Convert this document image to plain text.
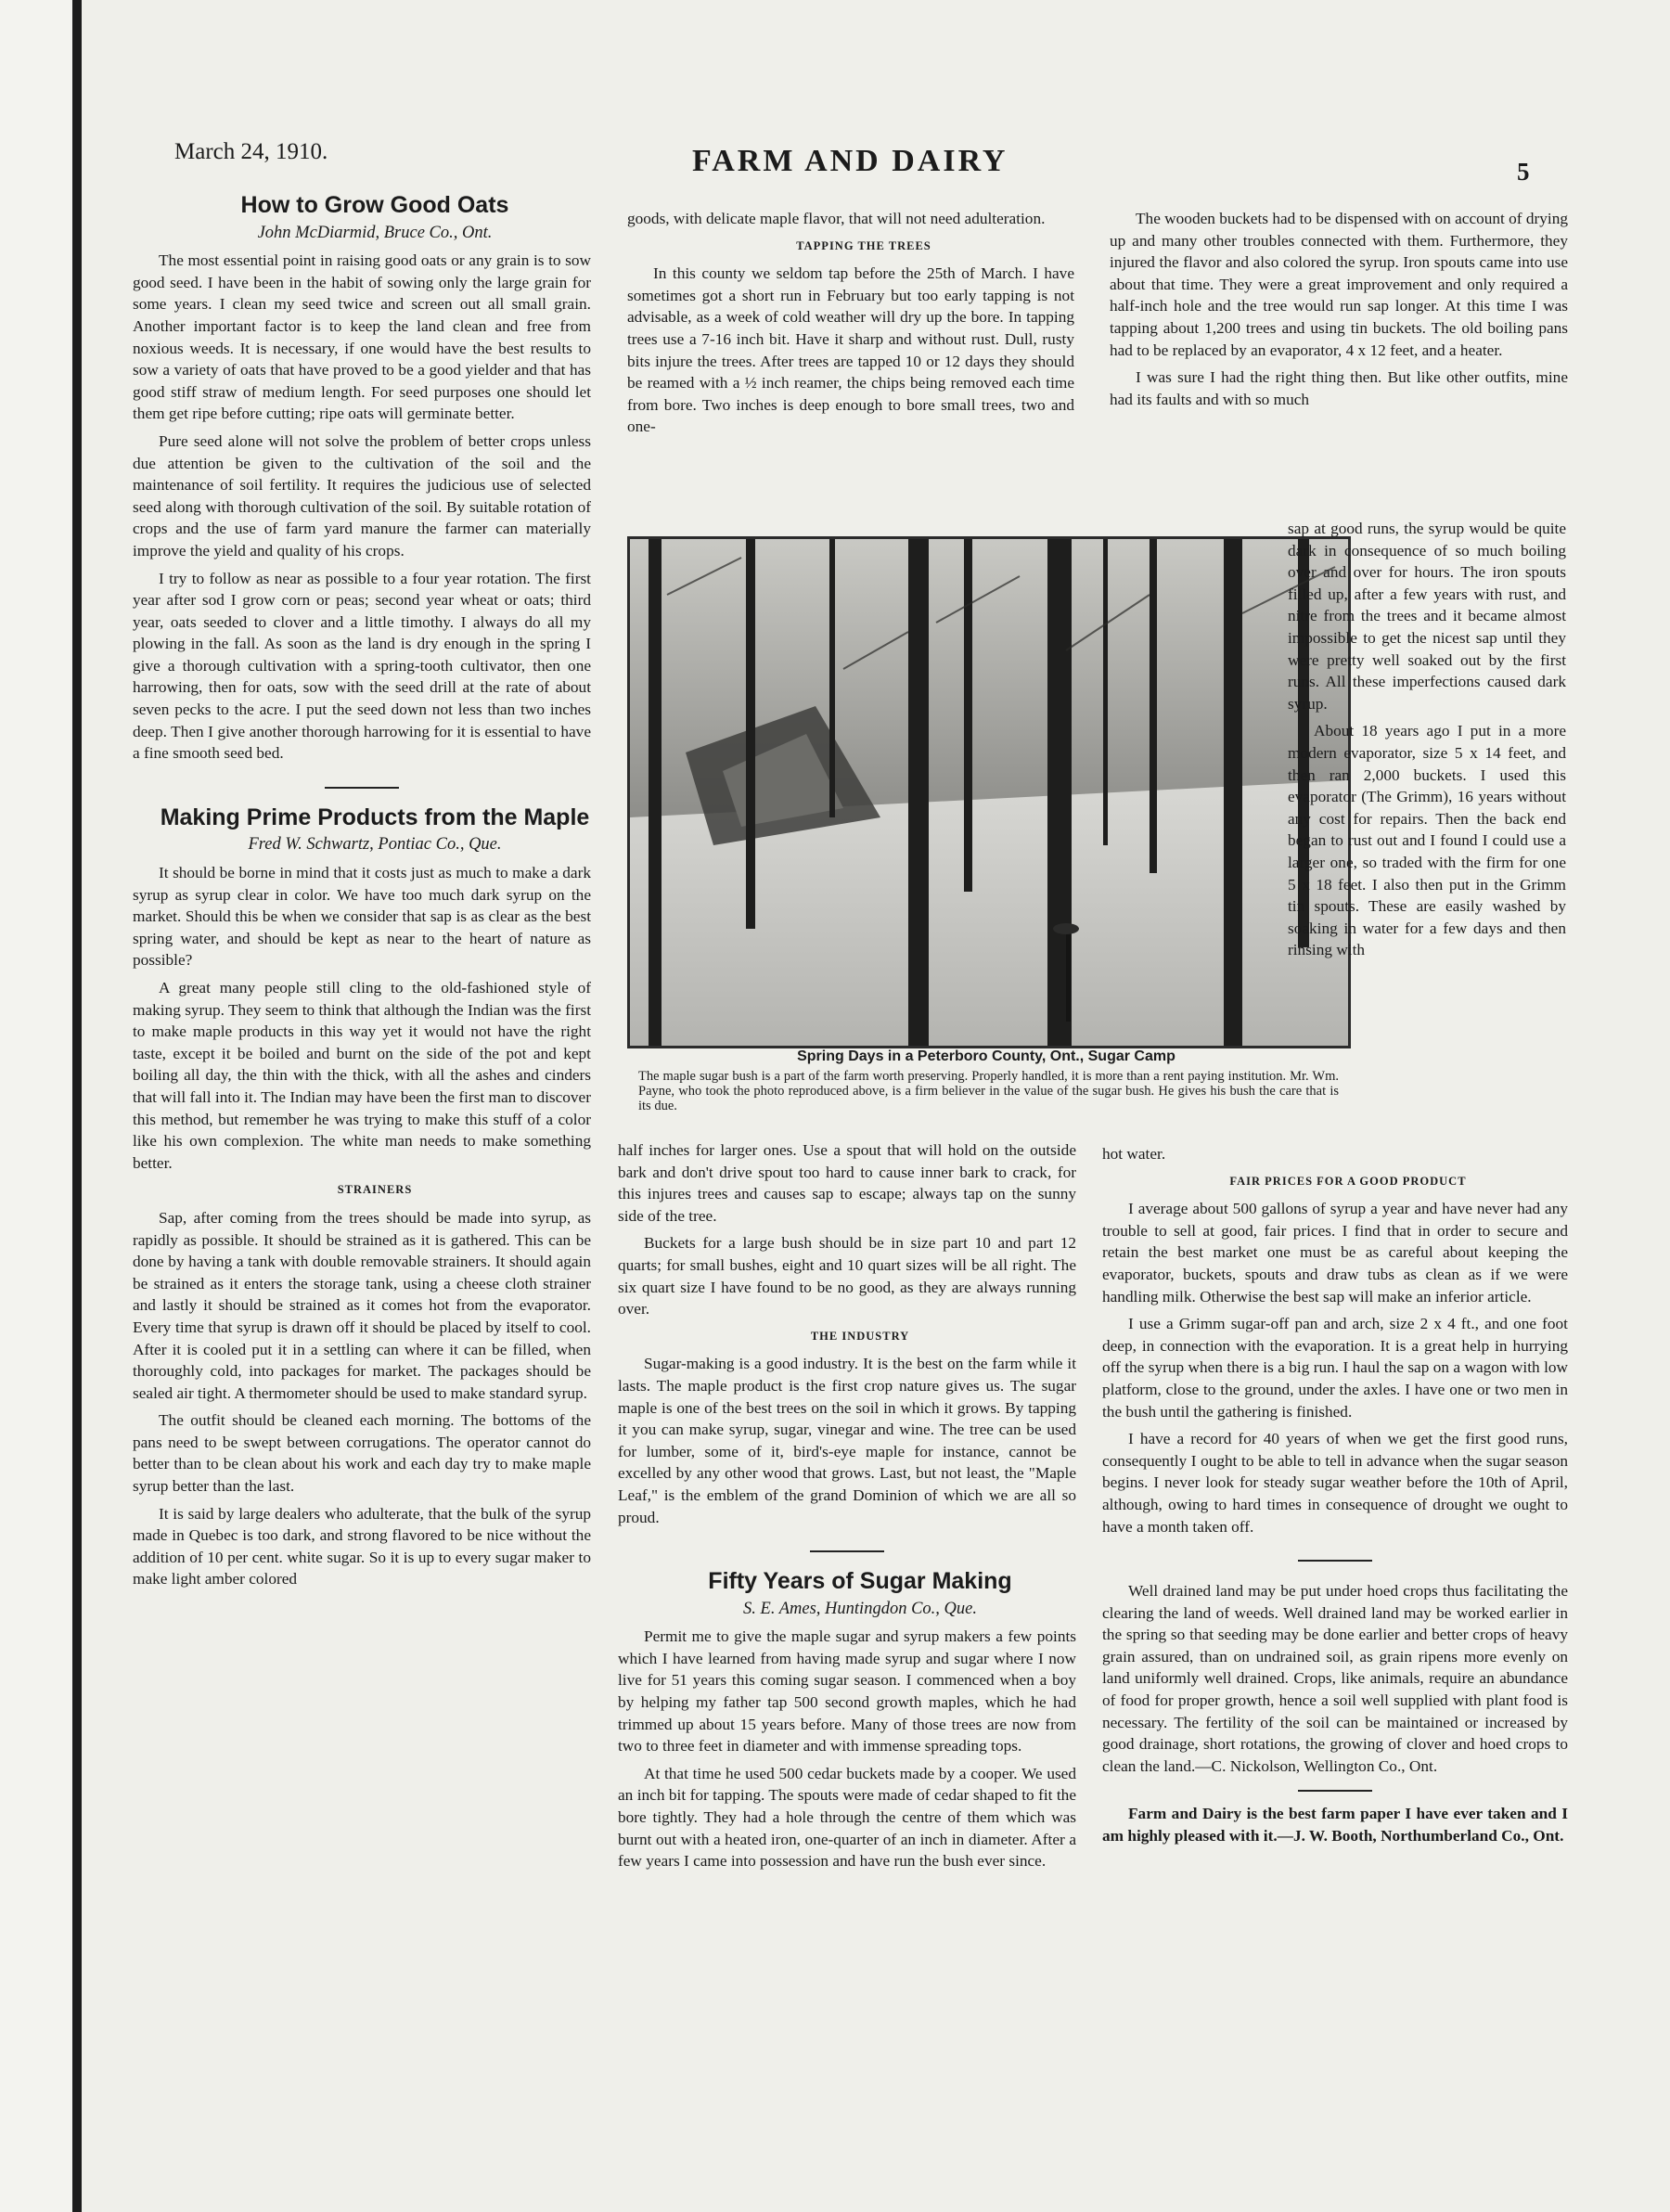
March 24, 1910.	FARM AND DAIRY	5

How to Grow Good Oats

John McDiarmid, Bruce Co., Ont.

The most essential point in raising good oats or any grain is to sow good seed. I have been in the habit of sowing only the large grain for some years. I clean my seed twice and screen out all small grain. Another important factor is to keep the land clean and free from noxious weeds. It is necessary, if one would have the best results to sow a variety of oats that have proved to be a good yielder and that has good stiff straw of medium length. For seed purposes one should let them get ripe before cutting; ripe oats will germinate better.

Pure seed alone will not solve the problem of better crops unless due attention be given to the cultivation of the soil and the maintenance of soil fertility. It requires the judicious use of selected seed along with thorough cultivation of the soil. By suitable rotation of crops and the use of farm yard manure the farmer can materially improve the yield and quality of his crops.

I try to follow as near as possible to a four year rotation. The first year after sod I grow corn or peas; second year wheat or oats; third year, oats seeded to clover and a little timothy. I always do all my plowing in the fall. As soon as the land is dry enough in the spring I give a thorough cultivation with a spring-tooth cultivator, then one harrowing, then for oats, sow with the seed drill at the rate of about seven pecks to the acre. I put the seed down not less than two inches deep. Then I give another thorough harrowing for it is essential to have a fine smooth seed bed.

Making Prime Products from the Maple

Fred W. Schwartz, Pontiac Co., Que.

It should be borne in mind that it costs just as much to make a dark syrup as syrup clear in color. We have too much dark syrup on the market. Should this be when we consider that sap is as clear as the best spring water, and should be kept as near to the heart of nature as possible?

A great many people still cling to the old-fashioned style of making syrup. They seem to think that although the Indian was the first to make maple products in this way yet it would not have the right taste, except it be boiled and burnt on the side of the pot and kept boiling all day, the thin with the thick, with all the ashes and cinders that will fall into it. The Indian may have been the first man to discover this method, but remember he was trying to make this stuff of a color like his own complexion. The white man needs to make something better.

STRAINERS

Sap, after coming from the trees should be made into syrup, as rapidly as possible. It should be strained as it is gathered. This can be done by having a tank with double removable strainers. It should again be strained as it enters the storage tank, using a cheese cloth strainer and lastly it should be strained as it comes hot from the evaporator. Every time that syrup is drawn off it should be placed by itself to cool. After it is cooled put it in a settling can where it can be filled, when thoroughly cold, into packages for market. The packages should be sealed air tight. A thermometer should be used to make standard syrup.

The outfit should be cleaned each morning. The bottoms of the pans need to be swept between corrugations. The operator cannot do better than to be clean about his work and each day try to make maple syrup better than the last.

It is said by large dealers who adulterate, that the bulk of the syrup made in Quebec is too dark, and strong flavored to be nice without the addition of 10 per cent. white sugar. So it is up to every sugar maker to make light amber colored

goods, with delicate maple flavor, that will not need adulteration.

TAPPING THE TREES

In this county we seldom tap before the 25th of March. I have sometimes got a short run in February but too early tapping is not advisable, as a week of cold weather will dry up the bore. In tapping trees use a 7-16 inch bit. Have it sharp and without rust. Dull, rusty bits injure the trees. After trees are tapped 10 or 12 days they should be reamed with a ½ inch reamer, the chips being removed each time from bore. Two inches is deep enough to bore small trees, two and one-

Spring Days in a Peterboro County, Ont., Sugar Camp
The maple sugar bush is a part of the farm worth preserving. Properly handled, it is more than a rent paying institution. Mr. Wm. Payne, who took the photo reproduced above, is a firm believer in the value of the sugar bush. He gives his bush the care that is its due.

half inches for larger ones. Use a spout that will hold on the outside bark and don't drive spout too hard to cause inner bark to crack, for this injures trees and causes sap to escape; always tap on the sunny side of the tree.

Buckets for a large bush should be in size part 10 and part 12 quarts; for small bushes, eight and 10 quart sizes will be all right. The six quart size I have found to be no good, as they are always running over.

THE INDUSTRY

Sugar-making is a good industry. It is the best on the farm while it lasts. The maple product is the first crop nature gives us. The sugar maple is one of the best trees on the soil in which it grows. By tapping it you can make syrup, sugar, vinegar and wine. The tree can be used for lumber, some of it, bird's-eye maple for instance, cannot be excelled by any other wood that grows. Last, but not least, the "Maple Leaf," is the emblem of the grand Dominion of which we are all so proud.

Fifty Years of Sugar Making

S. E. Ames, Huntingdon Co., Que.

Permit me to give the maple sugar and syrup makers a few points which I have learned from having made syrup and sugar where I now live for 51 years this coming sugar season. I commenced when a boy by helping my father tap 500 second growth maples, which he had trimmed up about 15 years before. Many of those trees are now from two to three feet in diameter and with immense spreading tops.

At that time he used 500 cedar buckets made by a cooper. We used an inch bit for tapping. The spouts were made of cedar shaped to fit the bore tightly. They had a hole through the centre of them which was burnt out with a heated iron, one-quarter of an inch in diameter. After a few years I came into possession and have run the bush ever since.

The wooden buckets had to be dispensed with on account of drying up and many other troubles connected with them. Furthermore, they injured the flavor and also colored the syrup. Iron spouts came into use about that time. They were a great improvement and only required a half-inch hole and the tree would run sap longer. At this time I was tapping about 1,200 trees and using tin buckets. The old boiling pans had to be replaced by an evaporator, 4 x 12 feet, and a heater.

I was sure I had the right thing then. But like other outfits, mine had its faults and with so much

sap at good runs, the syrup would be quite dark in consequence of so much boiling over and over for hours. The iron spouts filled up, after a few years with rust, and nitre from the trees and it became almost impossible to get the nicest sap until they were pretty well soaked out by the first runs. All these imperfections caused dark syrup.

About 18 years ago I put in a more modern evaporator, size 5 x 14 feet, and then ran 2,000 buckets. I used this evaporator (The Grimm), 16 years without any cost for repairs. Then the back end began to rust out and I found I could use a larger one, so traded with the firm for one 5 x 18 feet. I also then put in the Grimm tin spouts. These are easily washed by soaking in water for a few days and then rinsing with

hot water.

FAIR PRICES FOR A GOOD PRODUCT

I average about 500 gallons of syrup a year and have never had any trouble to sell at good, fair prices. I find that in order to secure and retain the best market one must be as careful about keeping the evaporator, buckets, spouts and draw tubs as clean as if we were handling milk. Otherwise the best sap will make an inferior article.

I use a Grimm sugar-off pan and arch, size 2 x 4 ft., and one foot deep, in connection with the evaporation. It is a great help in hurrying off the syrup when there is a big run. I haul the sap on a wagon with low platform, close to the ground, under the axles. I have one or two men in the bush until the gathering is finished.

I have a record for 40 years of when we get the first good runs, consequently I ought to be able to tell in advance when the sugar season begins. I never look for steady sugar weather before the 10th of April, although, owing to hard times in consequence of drought we ought to have a month taken off.

Well drained land may be put under hoed crops thus facilitating the clearing the land of weeds. Well drained land may be worked earlier in the spring so that seeding may be done earlier and better crops of heavy grain assured, than on undrained soil, as grain ripens more evenly on land uniformly well drained. Crops, like animals, require an abundance of food for proper growth, hence a soil well supplied with plant food is necessary. The fertility of the soil can be maintained or increased by good drainage, short rotations, the growing of clover and hoed crops to clean the land.—C. Nickolson, Wellington Co., Ont.

Farm and Dairy is the best farm paper I have ever taken and I am highly pleased with it.—J. W. Booth, Northumberland Co., Ont.
